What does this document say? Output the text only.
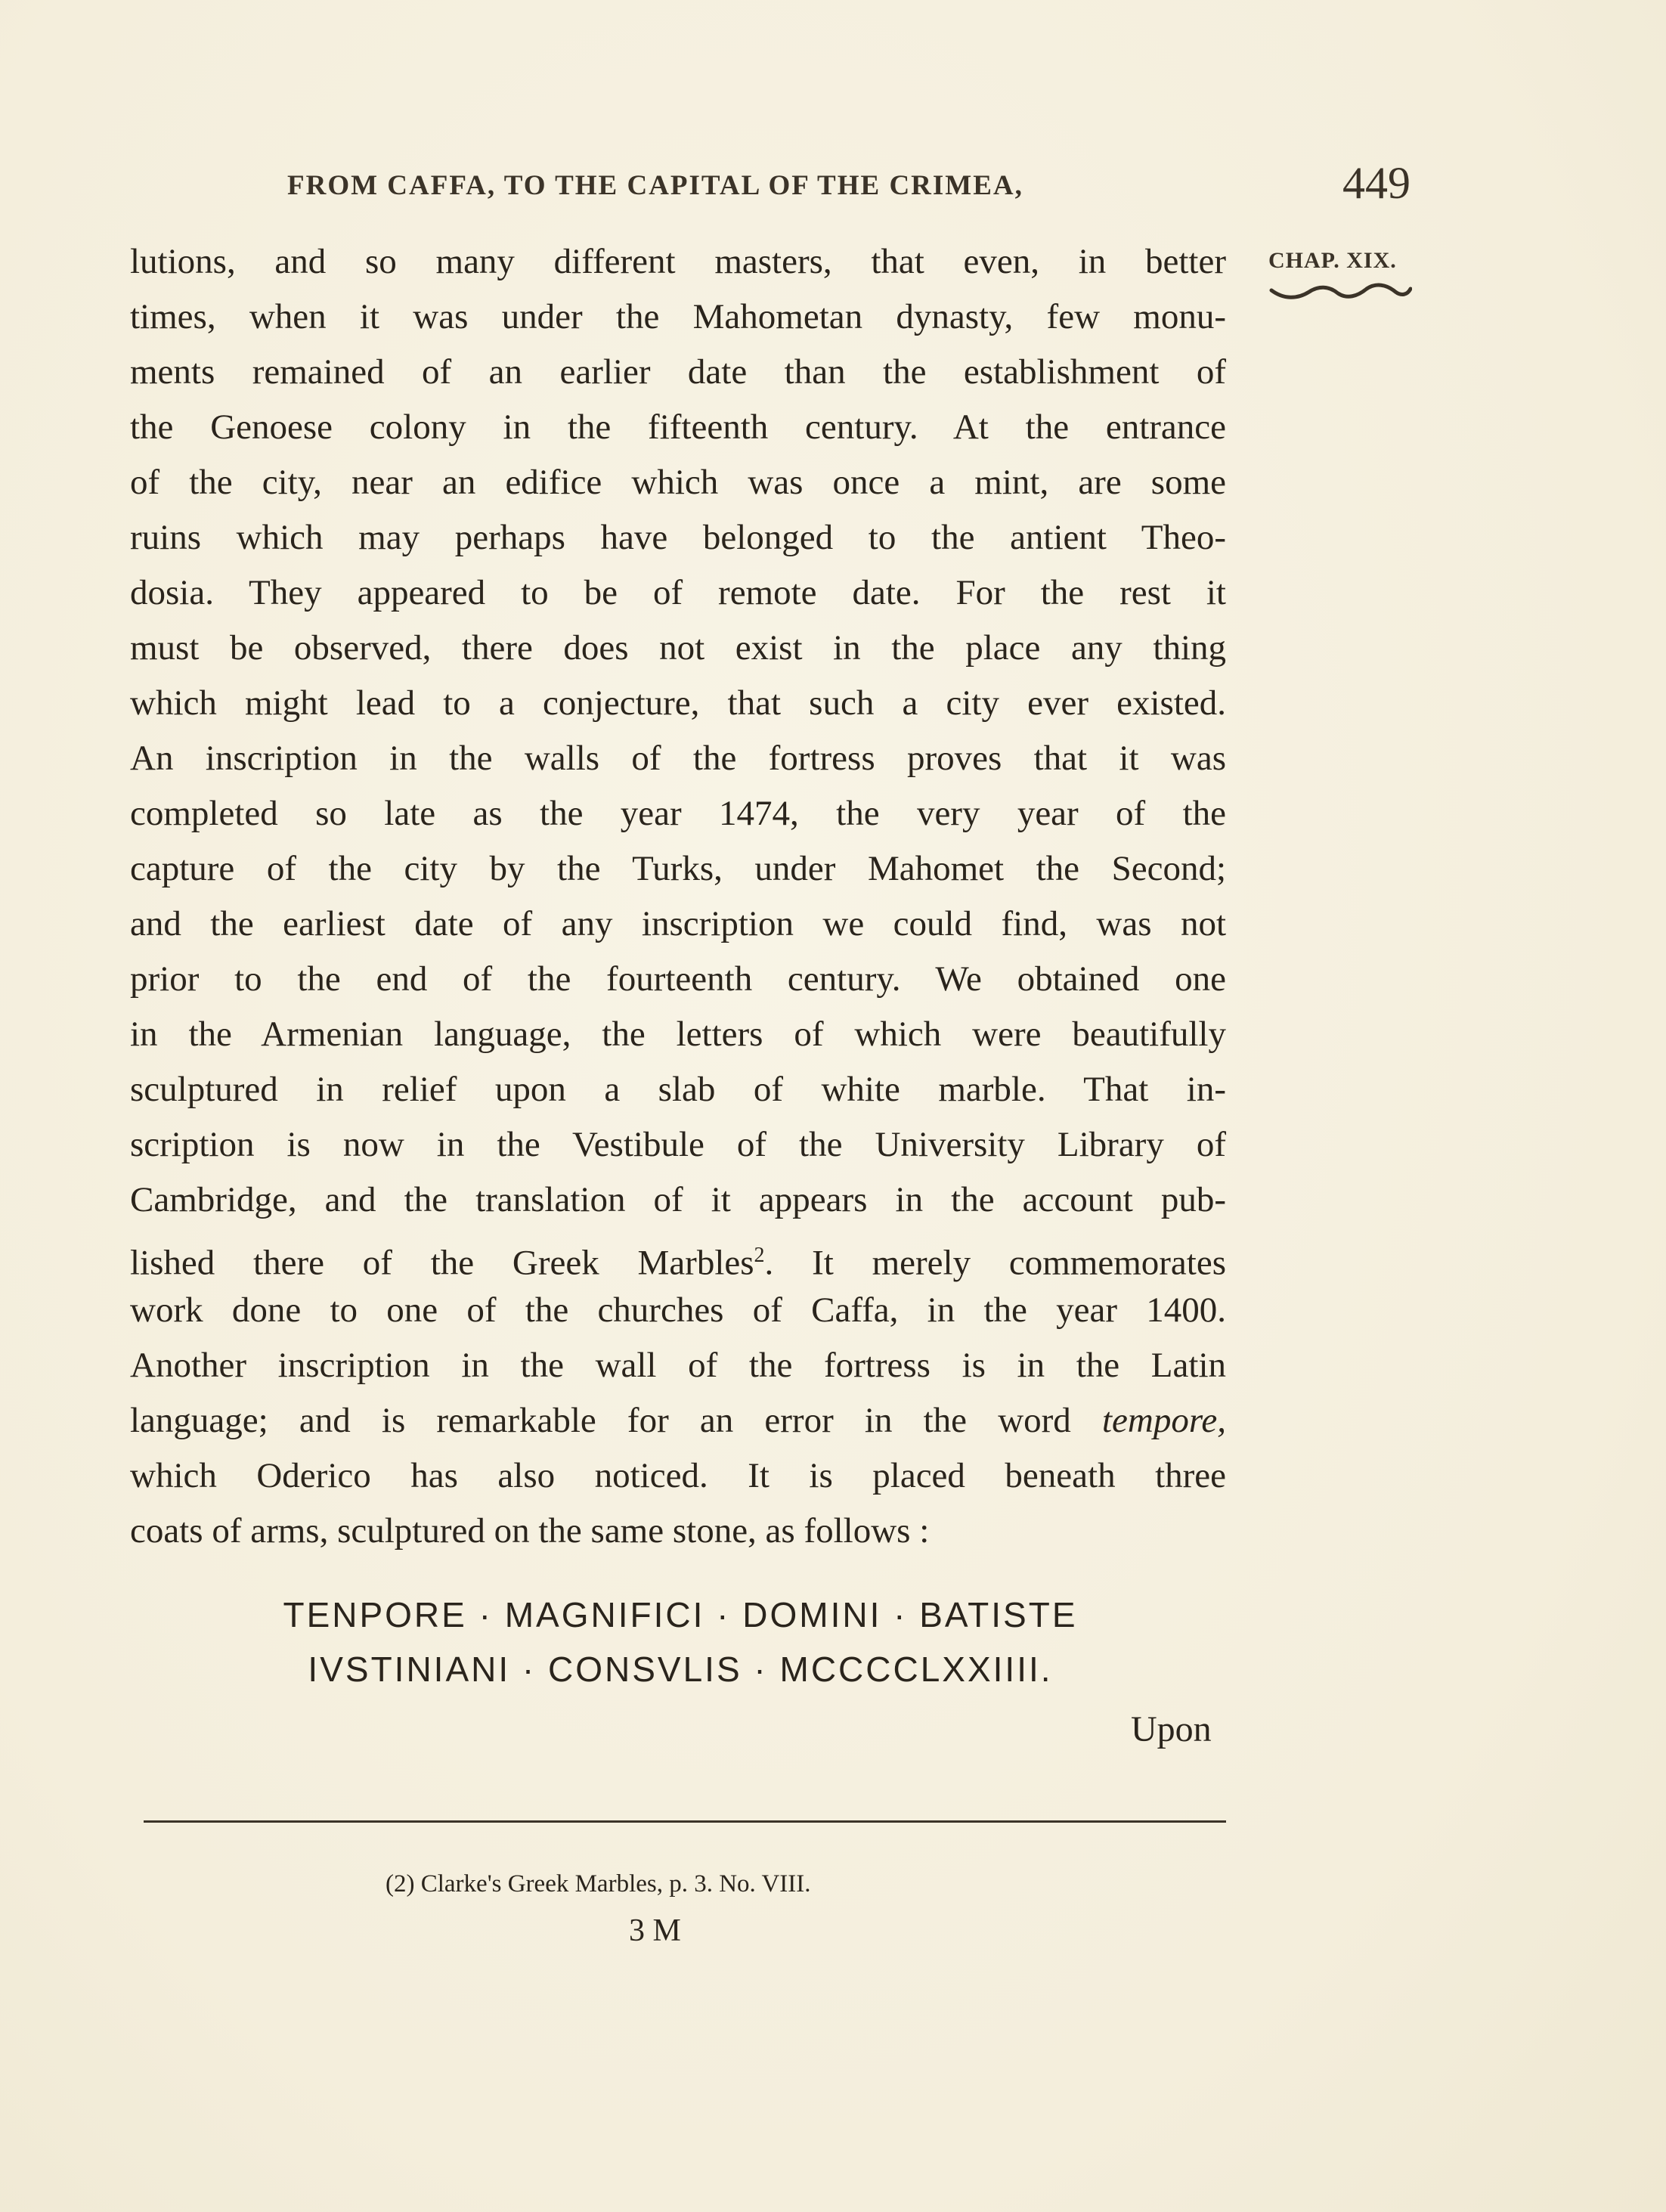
FROM CAFFA, TO THE CAPITAL OF THE CRIMEA,	449
CHAP. XIX.
lutions, and so many different masters, that even, in better
times, when it was under the Mahometan dynasty, few monu-
ments remained of an earlier date than the establishment of
the Genoese colony in the fifteenth century. At the entrance
of the city, near an edifice which was once a mint, are some
ruins which may perhaps have belonged to the antient Theo-
dosia. They appeared to be of remote date. For the rest it
must be observed, there does not exist in the place any thing
which might lead to a conjecture, that such a city ever existed.
An inscription in the walls of the fortress proves that it was
completed so late as the year 1474, the very year of the
capture of the city by the Turks, under Mahomet the Second;
and the earliest date of any inscription we could find, was not
prior to the end of the fourteenth century. We obtained one
in the Armenian language, the letters of which were beautifully
sculptured in relief upon a slab of white marble. That in-
scription is now in the Vestibule of the University Library of
Cambridge, and the translation of it appears in the account pub-
lished there of the Greek Marbles$^2$. It merely commemorates
work done to one of the churches of Caffa, in the year 1400.
Another inscription in the wall of the fortress is in the Latin
language; and is remarkable for an error in the word tempore,
which Oderico has also noticed. It is placed beneath three
coats of arms, sculptured on the same stone, as follows :
TENPORE · MAGNIFICI · DOMINI · BATISTE
IVSTINIANI · CONSVLIS · MCCCCLXXIIII.
Upon
(2) Clarke's Greek Marbles, p. 3. No. VIII.
3 M
